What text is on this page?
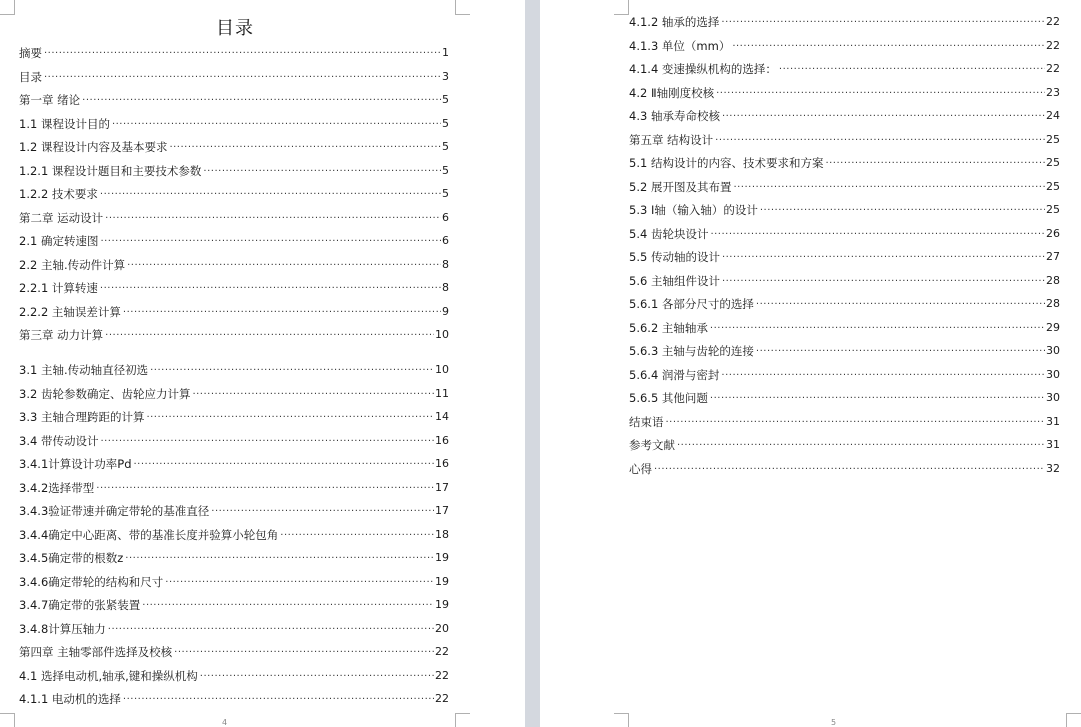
目录
4	5
摘要 ·····	1
目录 ·····	3
第一章 绪论 ·····	5
1.1 课程设计目的 ·····	5
1.2 课程设计内容及基本要求 ·····	5
1.2.1 课程设计题目和主要技术参数 ·····	5
1.2.2 技术要求 ·····	5
第二章 运动设计 ·····	6
2.1 确定转速图 ·····	6
2.2 主轴.传动件计算 ·····	8
2.2.1 计算转速 ·····	8
2.2.2 主轴误差计算 ·····	9
第三章 动力计算 ·····	10
3.1 主轴.传动轴直径初选 ·····	10
3.2 齿轮参数确定、齿轮应力计算 ·····	11
3.3 主轴合理跨距的计算 ·····	14
3.4 带传动设计 ·····	16
3.4.1计算设计功率Pd ·····	16
3.4.2选择带型 ·····	17
3.4.3验证带速并确定带轮的基准直径 ·····	17
3.4.4确定中心距离、带的基准长度并验算小轮包角 ·····	18
3.4.5确定带的根数z ·····	19
3.4.6确定带轮的结构和尺寸 ·····	19
3.4.7确定带的张紧装置 ·····	19
3.4.8计算压轴力 ·····	20
第四章 主轴零部件选择及校核 ·····	22
4.1 选择电动机,轴承,键和操纵机构 ·····	22
4.1.1 电动机的选择 ·····	22
4.1.2 轴承的选择 ·····	22
4.1.3 单位（mm） ·····	22
4.1.4 变速操纵机构的选择： ·····	22
4.2 Ⅱ轴刚度校核 ·····	23
4.3 轴承寿命校核 ·····	24
第五章 结构设计 ·····	25
5.1 结构设计的内容、技术要求和方案 ·····	25
5.2 展开图及其布置 ·····	25
5.3 I轴（输入轴）的设计 ·····	25
5.4 齿轮块设计 ·····	26
5.5 传动轴的设计 ·····	27
5.6 主轴组件设计 ·····	28
5.6.1 各部分尺寸的选择 ·····	28
5.6.2 主轴轴承 ·····	29
5.6.3 主轴与齿轮的连接 ·····	30
5.6.4 润滑与密封 ·····	30
5.6.5 其他问题 ·····	30
结束语 ·····	31
参考文献 ·····	31
心得 ·····	32
